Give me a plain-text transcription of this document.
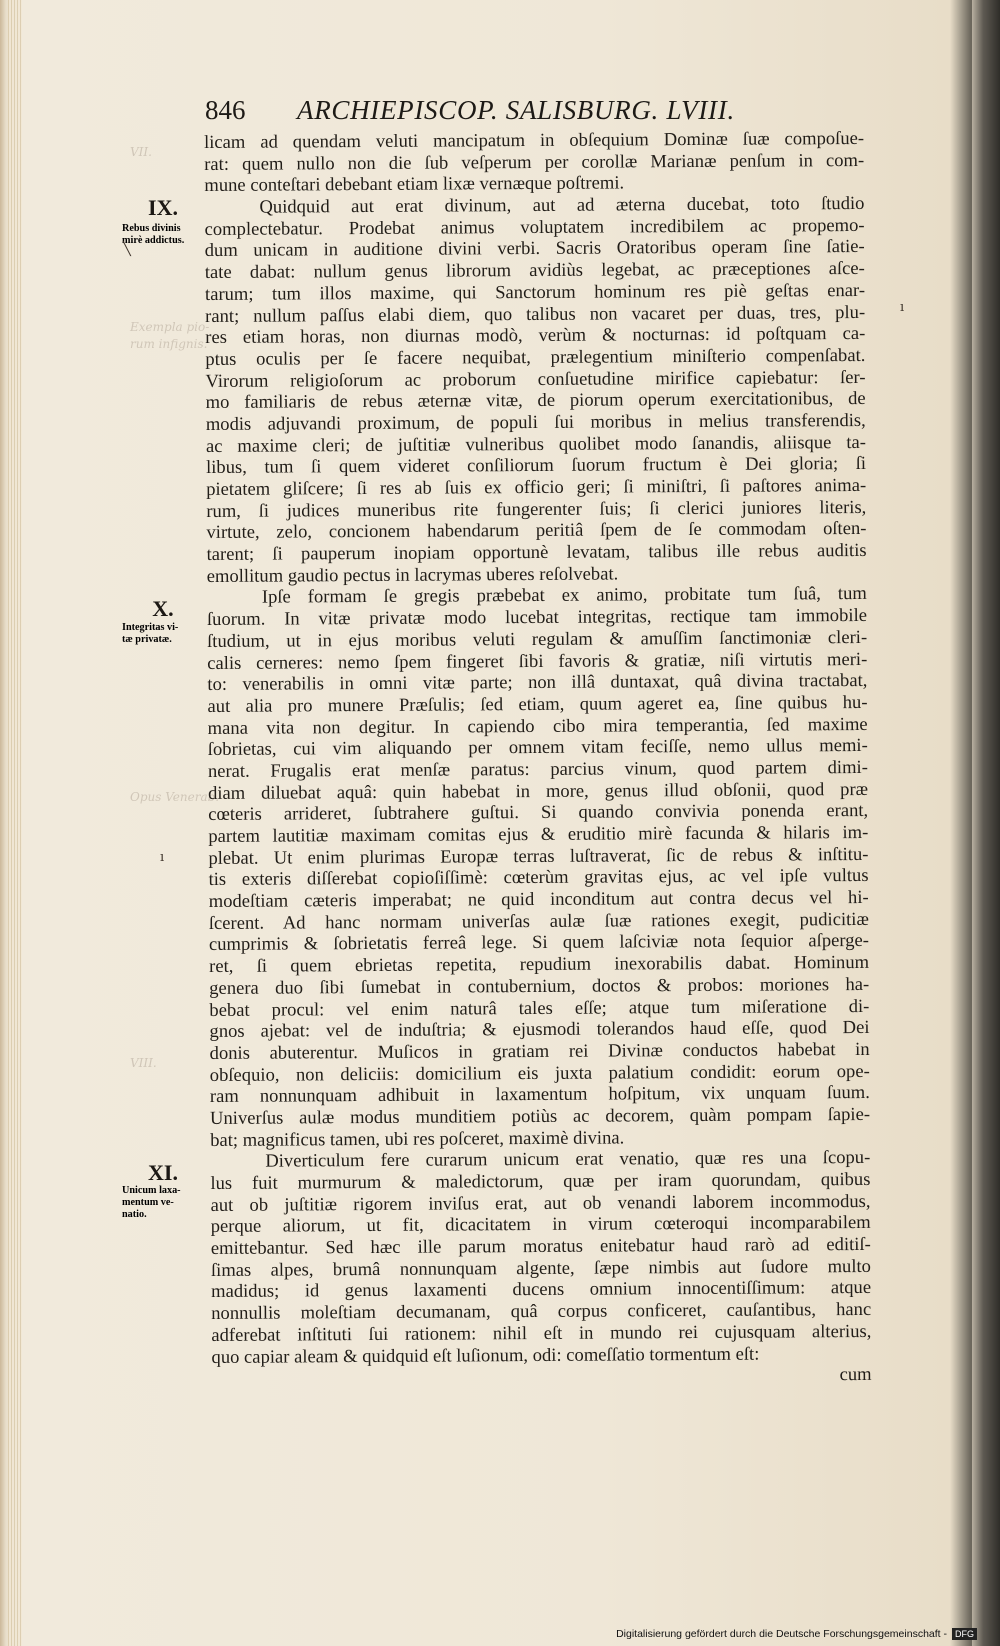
846 ARCHIEPISCOP. SALISBURG. LVIII.
VII.
Exempla pio-
rum infignis.
VIII.
Opus Venerab.
IX.
Rebus divinis
mirè addictus.
X.
Integritas vi-
tæ privatæ.
XI.
Unicum laxa-
mentum ve-
natio.
licam ad quendam veluti mancipatum in obſequium Dominæ ſuæ compoſue-
rat: quem nullo non die ſub veſperum per corollæ Marianæ penſum in com-
mune conteſtari debebant etiam lixæ vernæque poſtremi.
Quidquid aut erat divinum, aut ad æterna ducebat, toto ſtudio
complectebatur. Prodebat animus voluptatem incredibilem ac propemo-
dum unicam in auditione divini verbi. Sacris Oratoribus operam ſine ſatie-
tate dabat: nullum genus librorum avidiùs legebat, ac præceptiones aſce-
tarum; tum illos maxime, qui Sanctorum hominum res piè geſtas enar-
rant; nullum paſſus elabi diem, quo talibus non vacaret per duas, tres, plu-
res etiam horas, non diurnas modò, verùm & nocturnas: id poſtquam ca-
ptus oculis per ſe facere nequibat, prælegentium miniſterio compenſabat.
Virorum religioſorum ac proborum conſuetudine mirifice capiebatur: ſer-
mo familiaris de rebus æternæ vitæ, de piorum operum exercitationibus, de
modis adjuvandi proximum, de populi ſui moribus in melius transferendis,
ac maxime cleri; de juſtitiæ vulneribus quolibet modo ſanandis, aliisque ta-
libus, tum ſi quem videret conſiliorum ſuorum fructum è Dei gloria; ſi
pietatem gliſcere; ſi res ab ſuis ex officio geri; ſi miniſtri, ſi paſtores anima-
rum, ſi judices muneribus rite fungerenter ſuis; ſi clerici juniores literis,
virtute, zelo, concionem habendarum peritiâ ſpem de ſe commodam oſten-
tarent; ſi pauperum inopiam opportunè levatam, talibus ille rebus auditis
emollitum gaudio pectus in lacrymas uberes reſolvebat.
Ipſe formam ſe gregis præbebat ex animo, probitate tum ſuâ, tum
ſuorum. In vitæ privatæ modo lucebat integritas, rectique tam immobile
ſtudium, ut in ejus moribus veluti regulam & amuſſim ſanctimoniæ cleri-
calis cerneres: nemo ſpem fingeret ſibi favoris & gratiæ, niſi virtutis meri-
to: venerabilis in omni vitæ parte; non illâ duntaxat, quâ divina tractabat,
aut alia pro munere Præſulis; ſed etiam, quum ageret ea, ſine quibus hu-
mana vita non degitur. In capiendo cibo mira temperantia, ſed maxime
ſobrietas, cui vim aliquando per omnem vitam feciſſe, nemo ullus memi-
nerat. Frugalis erat menſæ paratus: parcius vinum, quod partem dimi-
diam diluebat aquâ: quin habebat in more, genus illud obſonii, quod præ
cœteris arrideret, ſubtrahere guſtui. Si quando convivia ponenda erant,
partem lautitiæ maximam comitas ejus & eruditio mirè facunda & hilaris im-
plebat. Ut enim plurimas Europæ terras luſtraverat, ſic de rebus & inſtitu-
tis exteris diſſerebat copioſiſſimè: cœterùm gravitas ejus, ac vel ipſe vultus
modeſtiam cæteris imperabat; ne quid inconditum aut contra decus vel hi-
ſcerent. Ad hanc normam univerſas aulæ ſuæ rationes exegit, pudicitiæ
cumprimis & ſobrietatis ferreâ lege. Si quem laſciviæ nota ſequior aſperge-
ret, ſi quem ebrietas repetita, repudium inexorabilis dabat. Hominum
genera duo ſibi ſumebat in contubernium, doctos & probos: moriones ha-
bebat procul: vel enim naturâ tales eſſe; atque tum miſeratione di-
gnos ajebat: vel de induſtria; & ejusmodi tolerandos haud eſſe, quod Dei
donis abuterentur. Muſicos in gratiam rei Divinæ conductos habebat in
obſequio, non deliciis: domicilium eis juxta palatium condidit: eorum ope-
ram nonnunquam adhibuit in laxamentum hoſpitum, vix unquam ſuum.
Univerſus aulæ modus munditiem potiùs ac decorem, quàm pompam ſapie-
bat; magnificus tamen, ubi res poſceret, maximè divina.
Diverticulum fere curarum unicum erat venatio, quæ res una ſcopu-
lus fuit murmurum & maledictorum, quæ per iram quorundam, quibus
aut ob juſtitiæ rigorem inviſus erat, aut ob venandi laborem incommodus,
perque aliorum, ut fit, dicacitatem in virum cœteroqui incomparabilem
emittebantur. Sed hæc ille parum moratus enitebatur haud rarò ad editiſ-
ſimas alpes, brumâ nonnunquam algente, ſæpe nimbis aut ſudore multo
madidus; id genus laxamenti ducens omnium innocentiſſimum: atque
nonnullis moleſtiam decumanam, quâ corpus conficeret, cauſantibus, hanc
adferebat inſtituti ſui rationem: nihil eſt in mundo rei cujusquam alterius,
quo capiar aleam & quidquid eſt luſionum, odi: comeſſatio tormentum eſt:
cum
╲
ı
ı
Digitalisierung gefördert durch die Deutsche Forschungsgemeinschaft - DFG
